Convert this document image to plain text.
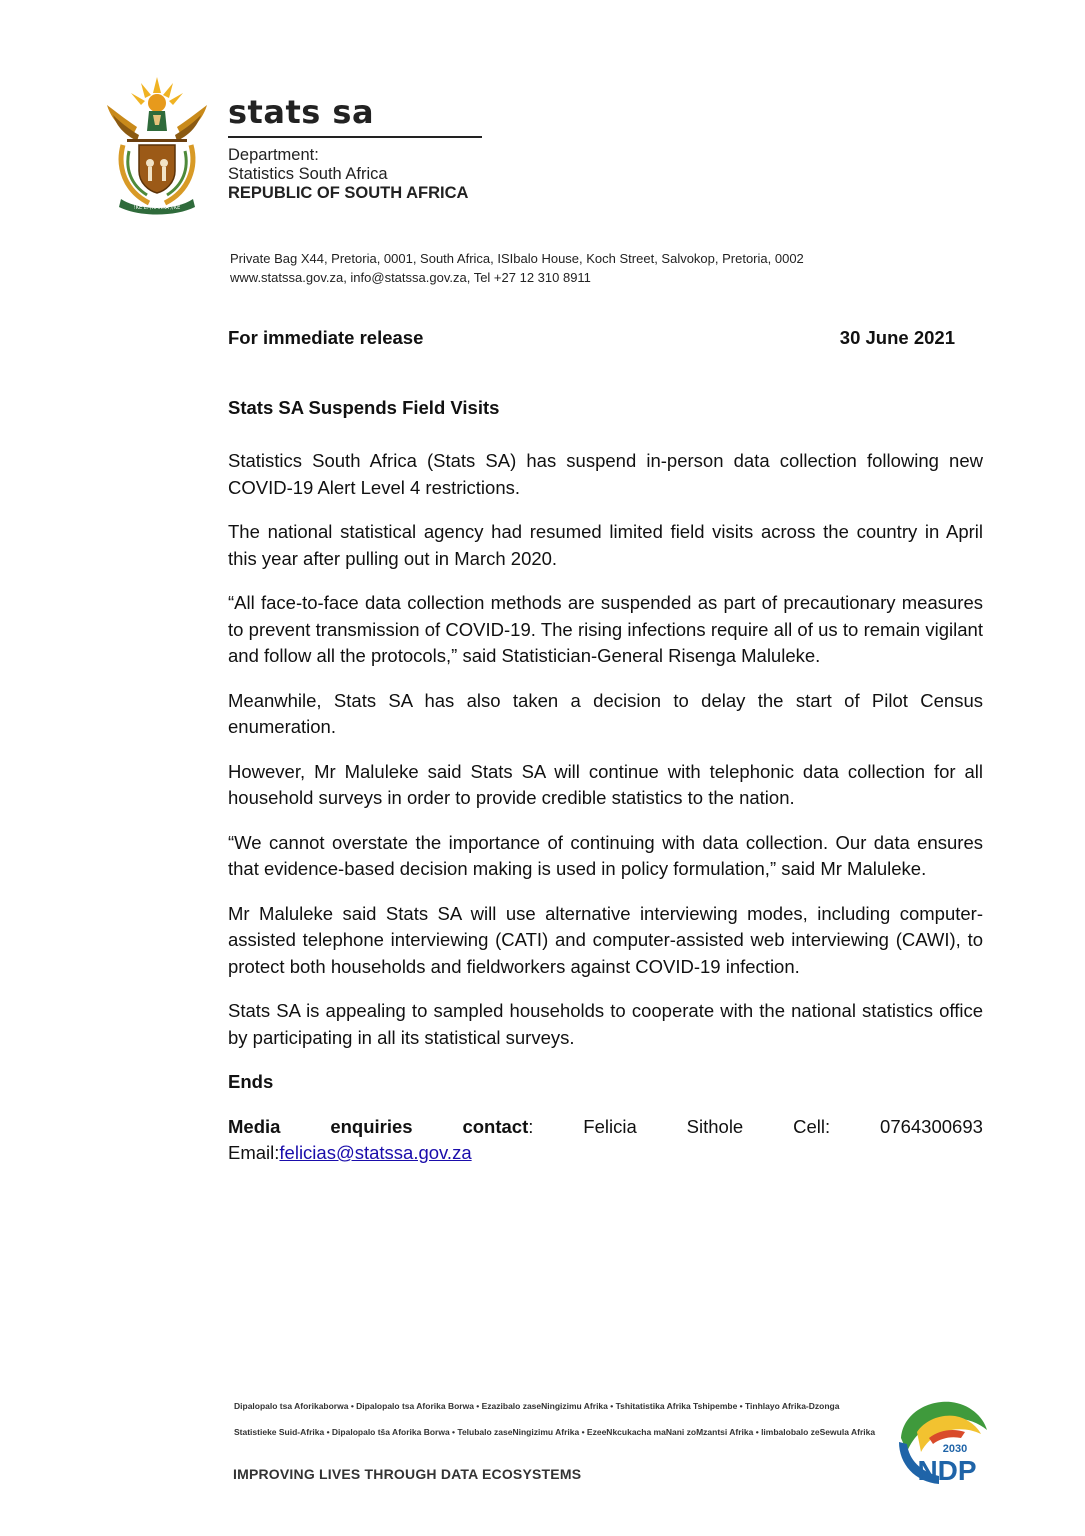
!KE E: /XARRA //KE
stats sa
Department:
Statistics South Africa
REPUBLIC OF SOUTH AFRICA
Private Bag X44, Pretoria, 0001, South Africa, ISIbalo House, Koch Street, Salvokop, Pretoria, 0002
www.statssa.gov.za, info@statssa.gov.za, Tel +27 12 310 8911
For immediate release	30 June 2021
Stats SA Suspends Field Visits

Statistics South Africa (Stats SA) has suspend in-person data collection following new COVID-19 Alert Level 4 restrictions.

The national statistical agency had resumed limited field visits across the country in April this year after pulling out in March 2020.

“All face-to-face data collection methods are suspended as part of precautionary measures to prevent transmission of COVID-19. The rising infections require all of us to remain vigilant and follow all the protocols,” said Statistician-General Risenga Maluleke.

Meanwhile, Stats SA has also taken a decision to delay the start of Pilot Census enumeration.

However, Mr Maluleke said Stats SA will continue with telephonic data collection for all household surveys in order to provide credible statistics to the nation.

“We cannot overstate the importance of continuing with data collection. Our data ensures that evidence-based decision making is used in policy formulation,” said Mr Maluleke.

Mr Maluleke said Stats SA will use alternative interviewing modes, including computer-assisted telephone interviewing (CATI) and computer-assisted web interviewing (CAWI), to protect both households and fieldworkers against COVID-19 infection.

Stats SA is appealing to sampled households to cooperate with the national statistics office by participating in all its statistical surveys.

Ends

Media	enquiries	contact:	Felicia	Sithole	Cell:	0764300693
Email:felicias@statssa.gov.za
Dipalopalo tsa Aforikaborwa • Dipalopalo tsa Aforika Borwa • Ezazibalo zaseNingizimu Afrika • Tshitatistika Afrika Tshipembe • Tinhlayo Afrika-Dzonga
Statistieke Suid-Afrika • Dipalopalo tša Aforika Borwa • Telubalo zaseNingizimu Afrika • EzeeNkcukacha maNani zoMzantsi Afrika • limbalobalo zeSewula Afrika
IMPROVING LIVES THROUGH DATA ECOSYSTEMS
2030
NDP
